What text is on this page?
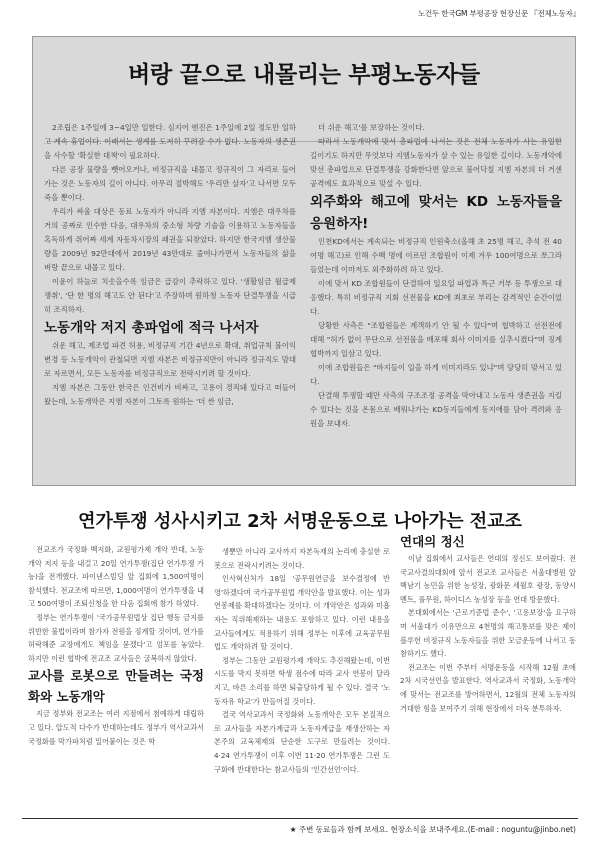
노건두 한국GM 부평공장 현장신문 『전체노동자』
벼랑 끝으로 내몰리는 부평노동자들

2조립은 1주일에 3~4일만 일한다. 심지어 엔진은 1주일에 2일 정도만 일하고 계속 휴업이다. 이래서는 생계를 도저히 꾸려갈 수가 없다. 노동자의 생존권을 사수할 '확실한 대책'이 필요하다.

다른 공장 물량을 뺏어오거나, 비정규직을 내몰고 정규직이 그 자리로 들어가는 것은 노동자의 길이 아니다. 아무리 절박해도 '우리만 살자'고 나서면 모두 죽을 뿐이다.

우리가 싸울 대상은 동료 노동자가 아니라 지엠 자본이다. 지엠은 대우차를 거의 공짜로 인수한 다음, 대우차의 중소형 차량 기술을 이용하고 노동자들을 혹독하게 쥐어짜 세계 자동차시장의 패권을 되찾았다. 하지만 한국지엠 생산물량을 2009년 92만대에서 2019년 43만대로 줄여나가면서 노동자들의 삶을 벼랑 끝으로 내몰고 있다.

이윤이 하늘로 치솟을수록 임금은 급감이 추락하고 있다. '생활임금 월급제 쟁취', '단 한 명의 해고도 안 된다'고 주장하며 원하청 노동자 단결투쟁을 시급히 조직하자.

노동개악 저지 총파업에 적극 나서자

쉬운 해고, 제조업 파견 허용, 비정규직 기간 4년으로 확대, 취업규칙 불이익 변경 등 노동개악이 관철되면 지엠 자본은 비정규직만이 아니라 정규직도 맘대로 자르면서, 모든 노동자를 비정규직으로 전락시키려 할 것이다.

지엠 자본은 그동안 한국은 인건비가 비싸고, 고용이 경직돼 있다고 떠들어왔는데, 노동개악은 지엠 자본이 그토록 원하는 '더 싼 임금,

더 쉬운 해고'를 보장하는 것이다.

따라서 노동개악에 맞서 총파업에 나서는 것은 전체 노동자가 사는 유일한 길이기도 하지만 무엇보다 지엠노동자가 살 수 있는 유일한 길이다. 노동개악에 맞선 총파업으로 단결투쟁을 강화한다면 앞으로 불어닥칠 지엠 자본의 더 거센 공격에도 효과적으로 맞설 수 있다.

외주화와 해고에 맞서는 KD 노동자들을 응원하자!

인천KD에서는 계속되는 비정규직 인원축소(올해 초 25명 해고, 추석 전 40여명 해고)로 인해 수백 명에 이르던 조합원이 이제 겨우 100여명으로 쪼그라들었는데 이마저도 외주화하려 하고 있다.

이에 맞서 KD 조합원들이 단결하여 일요일 파업과 특근 거부 등 투쟁으로 대응했다. 특히 비정규직 지회 선전물을 KD에 최초로 부리는 감격적인 순간이었다.

당황한 사측은 "조합원들은 계객하기 안 될 수 있다"며 협박하고 선전전에 대해 "허가 없이 무단으로 선전물을 배포해 회사 이미지를 실추시켰다"며 징계 협박까지 일삼고 있다.

이에 조합원들은 "바지들이 일을 하게 이미지라도 있냐"며 당당히 맞서고 있다.

단결해 투쟁할 때만 사측의 구조조정 공격을 막아내고 노동자 생존권을 지킬 수 있다는 것을 온몸으로 배워나가는 KD동지들에게 동지애를 담아 격려와 응원을 보내자.

연가투쟁 성사시키고 2차 서명운동으로 나아가는 전교조

전교조가 국정화 백지화, 교원평가제 개악 반대, 노동개악 저지 등을 내걸고 20일 연가투쟁(집단 연가투쟁 가능)을 전개했다. 파이낸스빌딩 앞 집회에 1,500여명이 참석했다. 전교조에 따르면, 1,000여명이 연가투쟁을 내고 500여명이 조퇴신청을 한 다음 집회에 참가 하였다.

정부는 연가투쟁이 '국가공무원법상 집단 행동 금지를 위반한 불법이라며 참가자 전원을 징계할 것이며, 연가를 허락해준 교장에게도 책임을 묻겠다'고 엄포를 놓았다. 하지만 이런 협박에 전교조 교사들은 굴복하지 않았다.

교사를 로봇으로 만들려는 국정화와 노동개악

지금 정부와 전교조는 여러 지점에서 첨예하게 대립하고 있다. 압도적 다수가 반대하는데도 정부가 역사교과서 국정화를 막가파처럼 밀어붙이는 것은 학

생뿐만 아니라 교사까지 자본독재의 논리에 충실한 로봇으로 전락시키려는 것이다.

인사혁신처가 18일 '공무원연금을 보수결정에 반영'하겠다며 국가공무원법 개악안을 발표했다. 이는 성과연봉제를 확대하겠다는 것이다. 이 개악안은 성과와 미흡자는 직위해제하는 내용도 포함하고 있다. 이런 내용을 교사들에게도 적용하기 위해 정부는 이후에 교육공무원법도 개악하려 할 것이다.

정부는 그동안 교원평가제 개악도 추진해왔는데, 이번 시도를 막지 못하면 학생 점수에 따라 교사 연봉이 달라지고, 바른 소리를 하면 퇴출당하게 될 수 있다. 결국 '노동자유 학교'가 만들어질 것이다.

결국 역사교과서 국정화와 노동개악은 모두 본질적으로 교사들을 자본가계급과 노동자계급을 재생산하는 자본주의 교육체제의 단순한 도구로 만들려는 것이다. 4·24 연가투쟁이 이후 이번 11·20 연가투쟁은 그런 도구화에 반대한다는 참교사들의 '인간선언'이다.

연대의 정신

이날 집회에서 교사들은 연대의 정신도 보여줬다. 전국교사결의대회에 앞서 전교조 교사들은 서울대병원 앞 백남기 농민을 위한 농성장, 광화문 세월호 광장, 동양시멘트, 풀무원, 하이디스 농성장 등을 연대 방문했다.

본대회에서는 '근로기준법 준수', '고용보장'을 요구하며 서울대가 이유만으로 4천명의 해고통보를 맞은 제이블루헌 비정규직 노동자들을 위한 모금운동에 나서고 동참하기도 했다.

전교조는 이번 주부터 서명운동을 시작해 12월 초에 2차 시국선언을 발표한다. 역사교과서 국정화, 노동개악에 맞서는 전교조를 방어하면서, 12월의 전체 노동자의 거대한 힘을 보여주기 위해 현장에서 더욱 분투하자.

★ 주변 동료들과 함께 보세요. 현장소식을 보내주세요.(E-mail : noguntu@jinbo.net)
